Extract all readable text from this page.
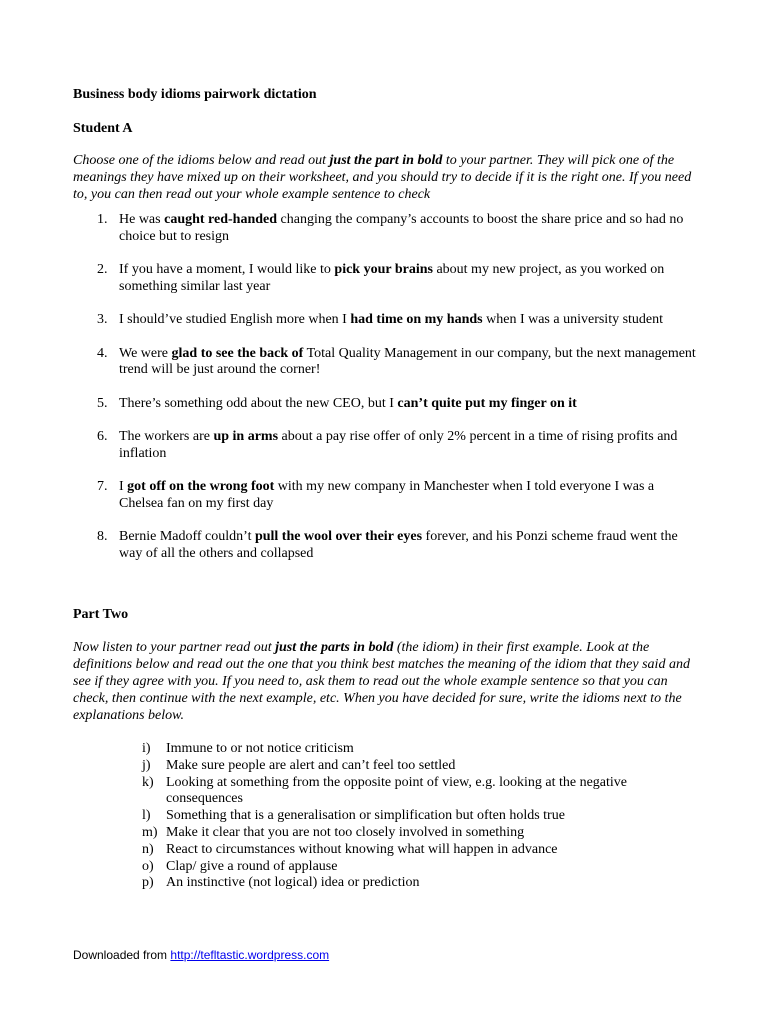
Business body idioms pairwork dictation
Student A
Choose one of the idioms below and read out just the part in bold to your partner. They will pick one of the meanings they have mixed up on their worksheet, and you should try to decide if it is the right one. If you need to, you can then read out your whole example sentence to check
1. He was caught red-handed changing the company’s accounts to boost the share price and so had no choice but to resign
2. If you have a moment, I would like to pick your brains about my new project, as you worked on something similar last year
3. I should’ve studied English more when I had time on my hands when I was a university student
4. We were glad to see the back of Total Quality Management in our company, but the next management trend will be just around the corner!
5. There’s something odd about the new CEO, but I can’t quite put my finger on it
6. The workers are up in arms about a pay rise offer of only 2% percent in a time of rising profits and inflation
7. I got off on the wrong foot with my new company in Manchester when I told everyone I was a Chelsea fan on my first day
8. Bernie Madoff couldn’t pull the wool over their eyes forever, and his Ponzi scheme fraud went the way of all the others and collapsed
Part Two
Now listen to your partner read out just the parts in bold (the idiom) in their first example. Look at the definitions below and read out the one that you think best matches the meaning of the idiom that they said and see if they agree with you. If you need to, ask them to read out the whole example sentence so that you can check, then continue with the next example, etc. When you have decided for sure, write the idioms next to the explanations below.
i) Immune to or not notice criticism
j) Make sure people are alert and can’t feel too settled
k) Looking at something from the opposite point of view, e.g. looking at the negative consequences
l) Something that is a generalisation or simplification but often holds true
m) Make it clear that you are not too closely involved in something
n) React to circumstances without knowing what will happen in advance
o) Clap/ give a round of applause
p) An instinctive (not logical) idea or prediction
Downloaded from http://tefltastic.wordpress.com
